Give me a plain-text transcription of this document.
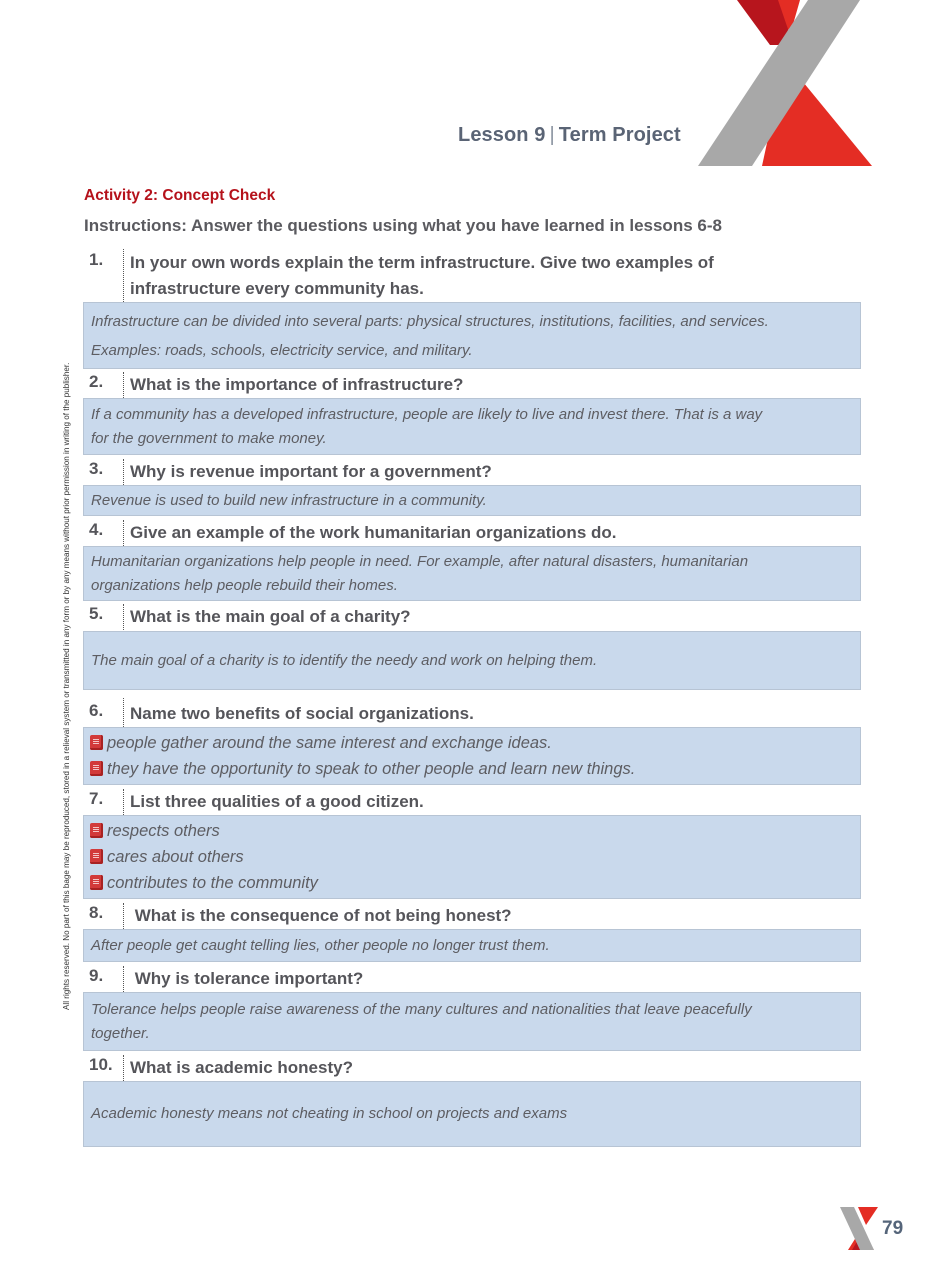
Lesson 9 | Term Project
All rights reserved. No part of this bage may be reproduced, stored in a relieval system or transmitted in any form or by any means without prior permission in writing of the publisher.
Activity 2: Concept Check
Instructions: Answer the questions using what you have learned in lessons 6-8
1.	In your own words explain the term infrastructure. Give two examples of
infrastructure every community has.
Infrastructure can be divided into several parts: physical structures, institutions, facilities, and services.
Examples: roads, schools, electricity service, and military.
2.	What is the importance of infrastructure?
If a community has a developed infrastructure, people are likely to live and invest there. That is a way
for the government to make money.
3.	Why is revenue important for a government?
Revenue is used to build new infrastructure in a community.
4.	Give an example of the work humanitarian organizations do.
Humanitarian organizations help people in need. For example, after natural disasters, humanitarian
organizations help people rebuild their homes.
5.	What is the main goal of a charity?
The main goal of a charity is to identify the needy and work on helping them.
6.	Name two benefits of social organizations.
people gather around the same interest and exchange ideas.
they have the opportunity to speak to other people and learn new things.
7.	List three qualities of a good citizen.
respects others
cares about others
contributes to the community
8.	What is the consequence of not being honest?
After people get caught telling lies, other people no longer trust them.
9.	Why is tolerance important?
Tolerance helps people raise awareness of the many cultures and nationalities that leave peacefully
together.
10.	What is academic honesty?
Academic honesty means not cheating in school on projects and exams
79
